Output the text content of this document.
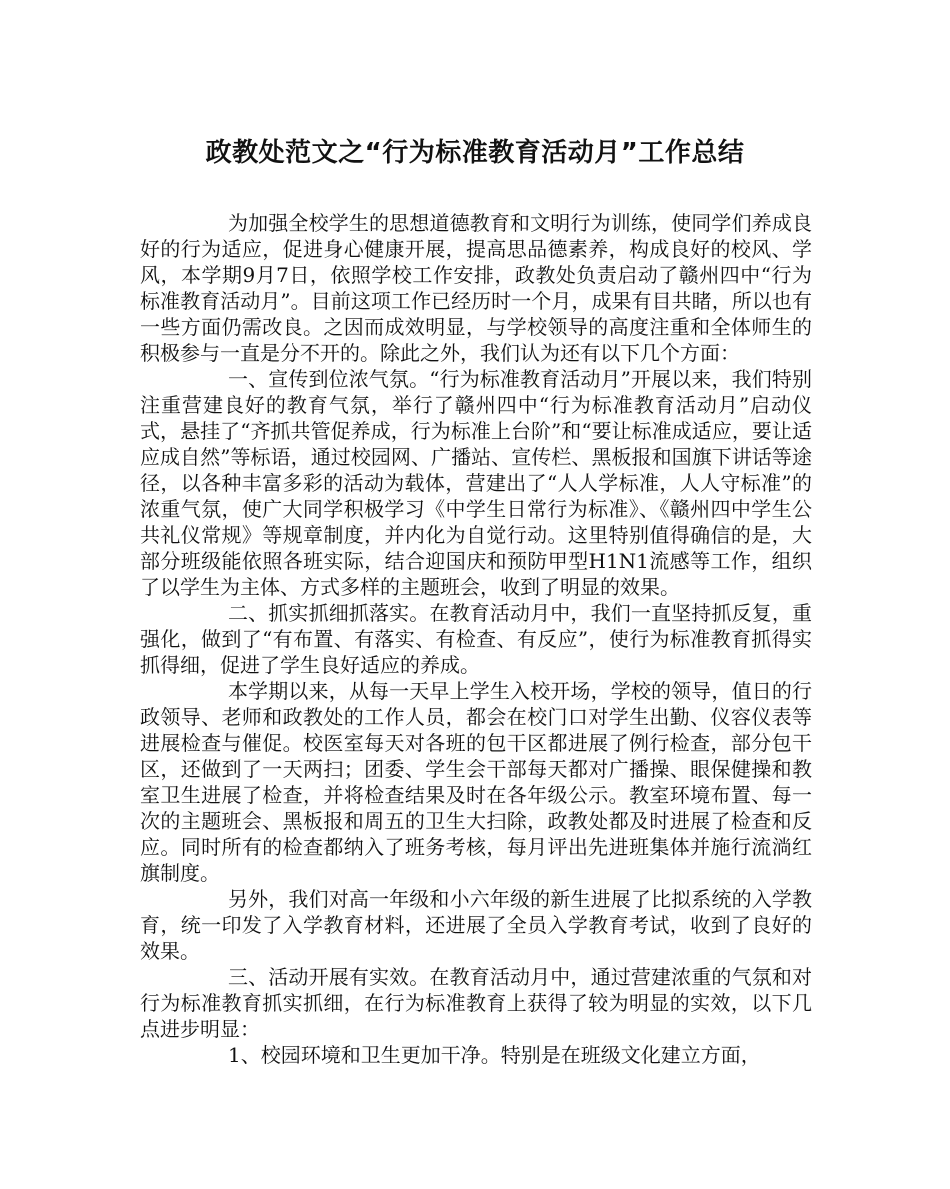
政教处范文之“行为标准教育活动月”工作总结

为加强全校学生的思想道德教育和文明行为训练，使同学们养成良好的行为适应，促进身心健康开展，提高思品德素养，构成良好的校风、学风，本学期9月7日，依照学校工作安排，政教处负责启动了赣州四中“行为标准教育活动月”。目前这项工作已经历时一个月，成果有目共睹，所以也有一些方面仍需改良。之因而成效明显，与学校领导的高度注重和全体师生的积极参与一直是分不开的。除此之外，我们认为还有以下几个方面：

一、宣传到位浓气氛。“行为标准教育活动月”开展以来，我们特别注重营建良好的教育气氛，举行了赣州四中“行为标准教育活动月”启动仪式，悬挂了“齐抓共管促养成，行为标准上台阶”和“要让标准成适应，要让适应成自然”等标语，通过校园网、广播站、宣传栏、黑板报和国旗下讲话等途径，以各种丰富多彩的活动为载体，营建出了“人人学标准，人人守标准”的浓重气氛，使广大同学积极学习《中学生日常行为标准》、《赣州四中学生公共礼仪常规》等规章制度，并内化为自觉行动。这里特别值得确信的是，大部分班级能依照各班实际，结合迎国庆和预防甲型H1N1流感等工作，组织了以学生为主体、方式多样的主题班会，收到了明显的效果。

二、抓实抓细抓落实。在教育活动月中，我们一直坚持抓反复，重强化，做到了“有布置、有落实、有检查、有反应”，使行为标准教育抓得实抓得细，促进了学生良好适应的养成。

本学期以来，从每一天早上学生入校开场，学校的领导，值日的行政领导、老师和政教处的工作人员，都会在校门口对学生出勤、仪容仪表等进展检查与催促。校医室每天对各班的包干区都进展了例行检查，部分包干区，还做到了一天两扫；团委、学生会干部每天都对广播操、眼保健操和教室卫生进展了检查，并将检查结果及时在各年级公示。教室环境布置、每一次的主题班会、黑板报和周五的卫生大扫除，政教处都及时进展了检查和反应。同时所有的检查都纳入了班务考核，每月评出先进班集体并施行流淌红旗制度。

另外，我们对高一年级和小六年级的新生进展了比拟系统的入学教育，统一印发了入学教育材料，还进展了全员入学教育考试，收到了良好的效果。

三、活动开展有实效。在教育活动月中，通过营建浓重的气氛和对行为标准教育抓实抓细，在行为标准教育上获得了较为明显的实效，以下几点进步明显：

1、校园环境和卫生更加干净。特别是在班级文化建立方面，
